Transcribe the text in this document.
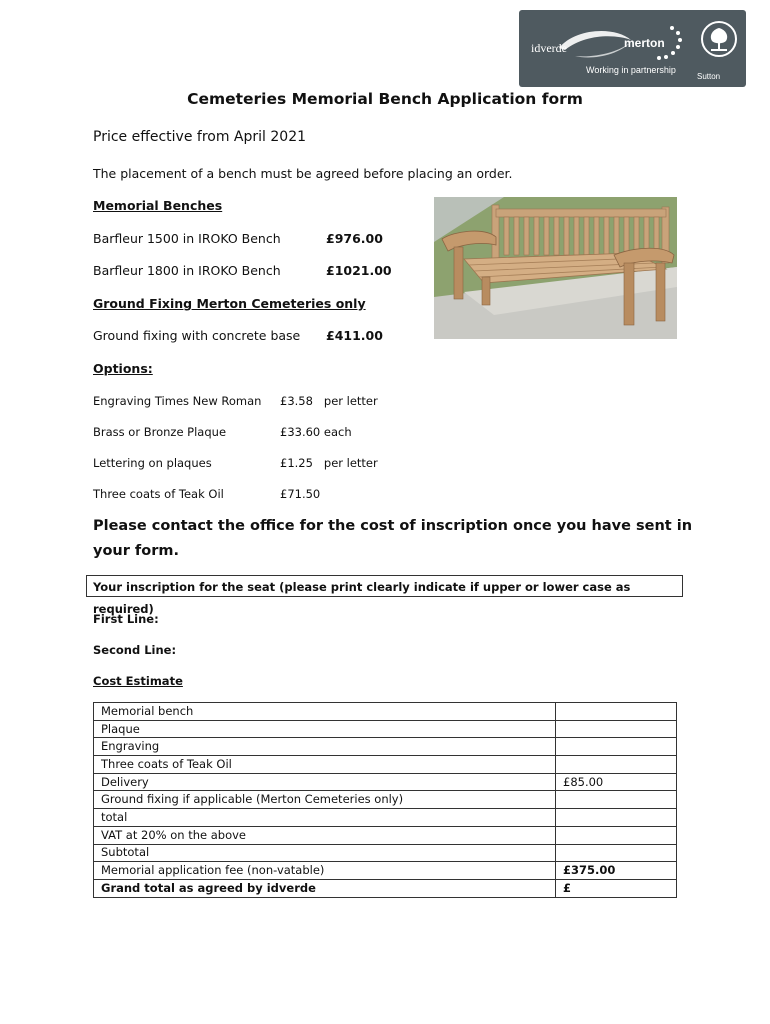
idverde	merton
Sutton
Working in partnership
Cemeteries Memorial Bench Application form
Price effective from April 2021
The placement of a bench must be agreed before placing an order.
Memorial Benches
Barfleur 1500 in IROKO Bench	£976.00
Barfleur 1800 in IROKO Bench	£1021.00
Ground Fixing Merton Cemeteries only
Ground fixing with concrete base £411.00
Options:
Engraving Times New Roman £3.58   per letter
Brass or Bronze Plaque	£33.60 each
Lettering on plaques	£1.25   per letter
Three coats of Teak Oil	£71.50
Please contact the office for the cost of inscription once you have sent in your form.
Your inscription for the seat (please print clearly indicate if upper or lower case as required)
First Line:
Second Line:
Cost Estimate
Memorial bench	
Plaque	
Engraving	
Three coats of Teak Oil	
Delivery	£85.00
Ground fixing if applicable (Merton Cemeteries only)	
total	
VAT at 20% on the above	
Subtotal	
Memorial application fee (non-vatable)	£375.00
Grand total as agreed by idverde	£
